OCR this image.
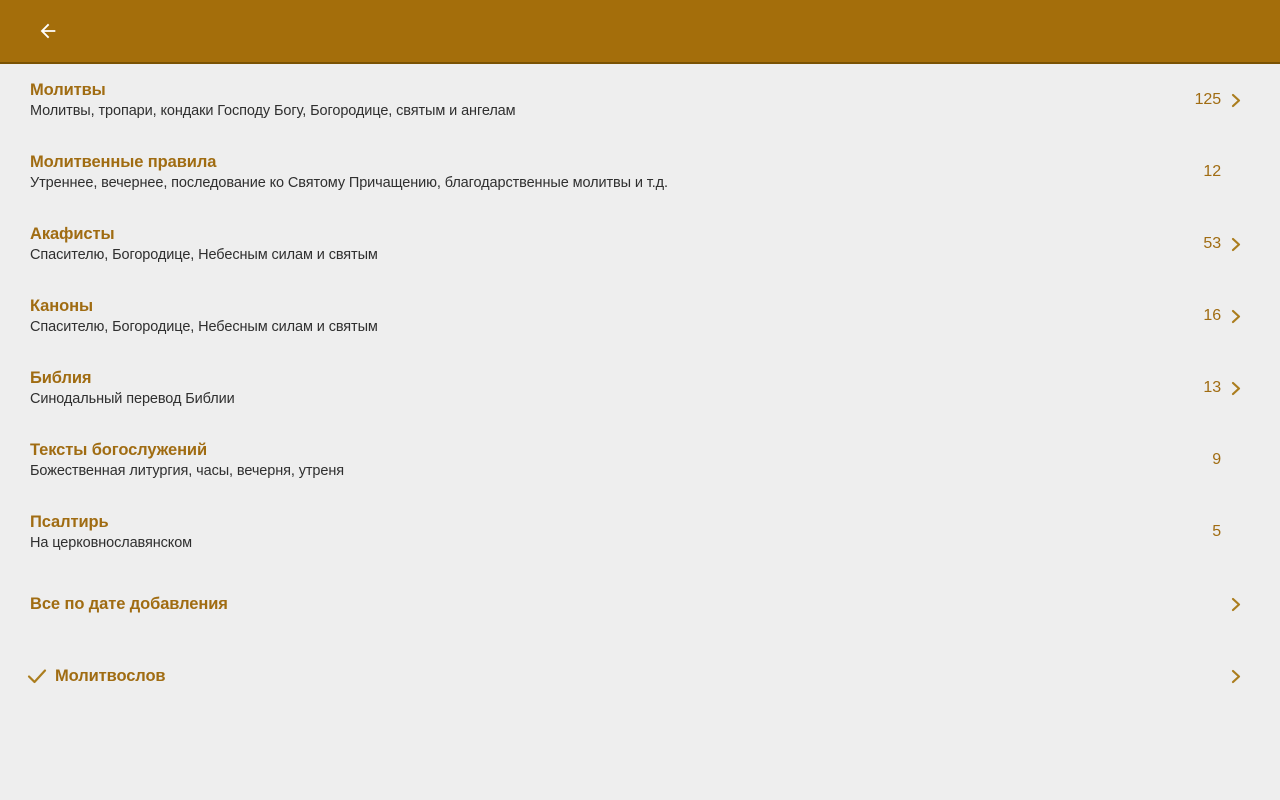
Молитвы
Молитвы, тропари, кондаки Господу Богу, Богородице, святым и ангелам
125
Молитвенные правила
Утреннее, вечернее, последование ко Святому Причащению, благодарственные молитвы и т.д.
12
Акафисты
Спасителю, Богородице, Небесным силам и святым
53
Каноны
Спасителю, Богородице, Небесным силам и святым
16
Библия
Синодальный перевод Библии
13
Тексты богослужений
Божественная литургия, часы, вечерня, утреня
9
Псалтирь
На церковнославянском
5
Все по дате добавления
Молитвослов
